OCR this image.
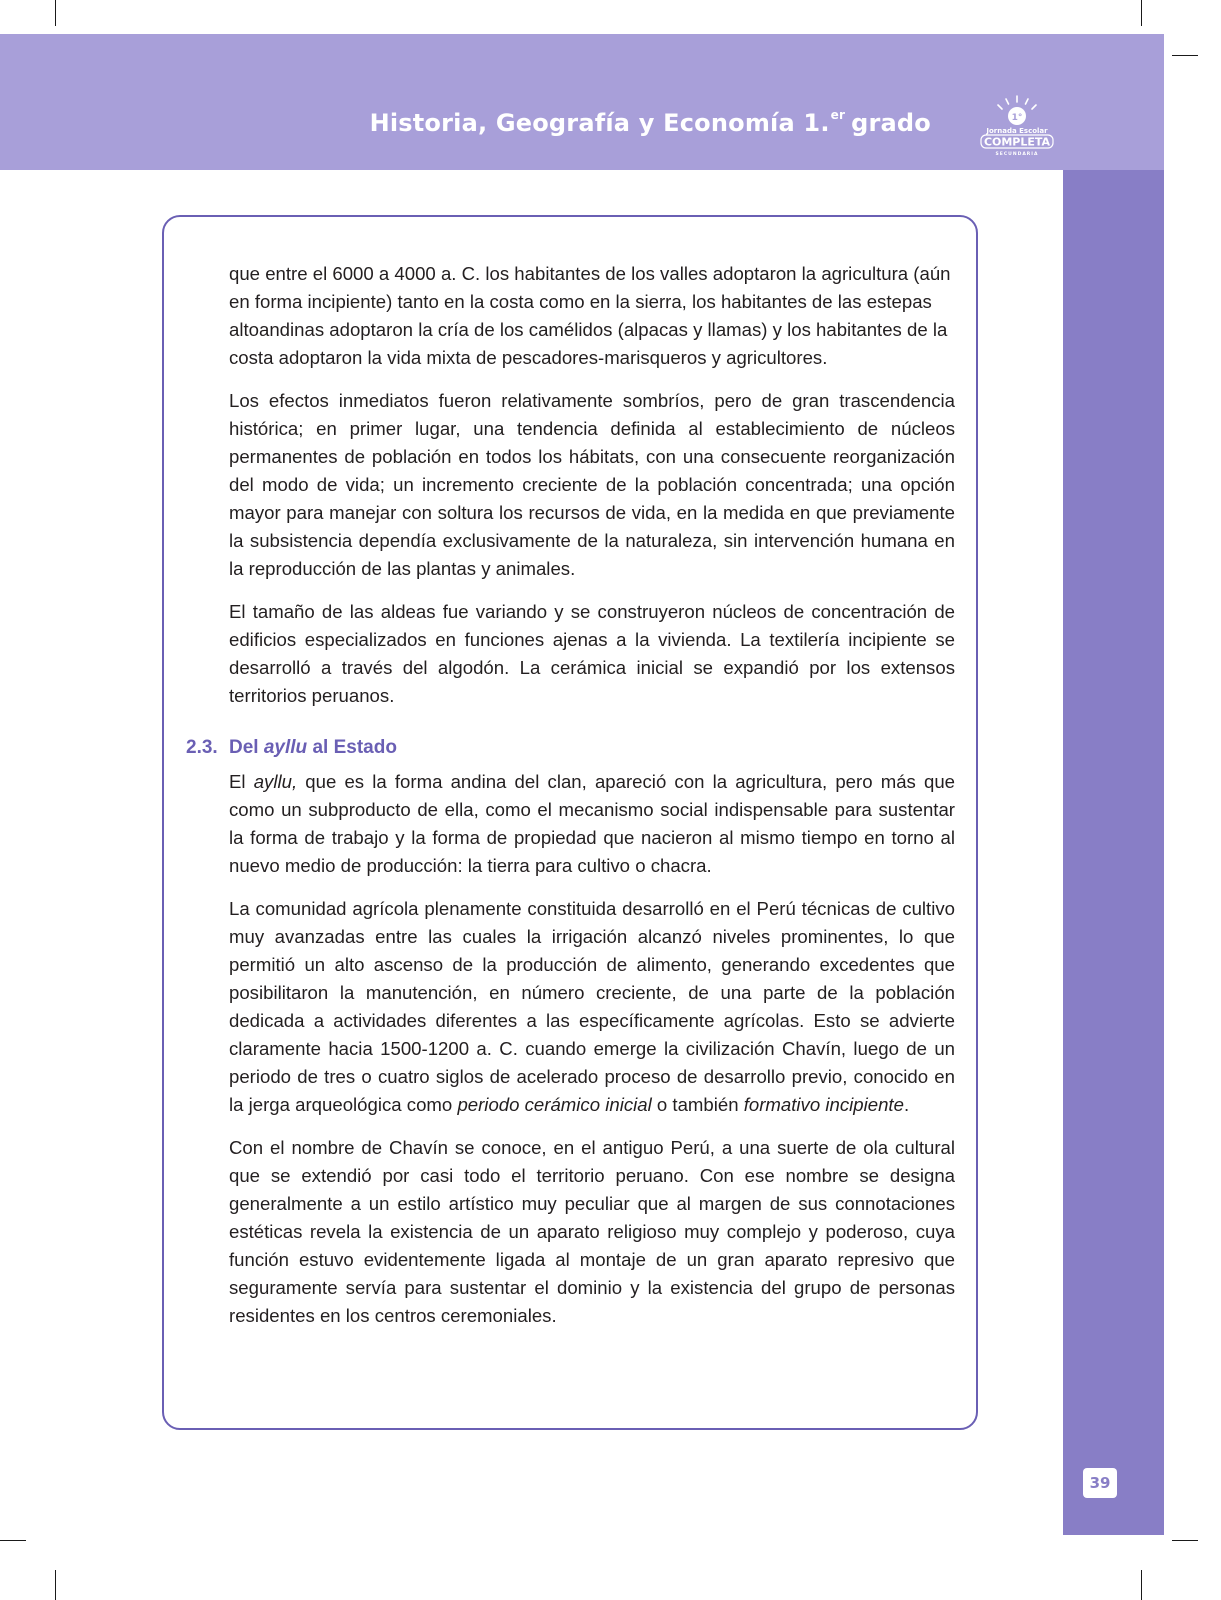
Historia, Geografía y Economía 1.$^{er}$ grado	1°
Jornada Escolar
COMPLETA
SECUNDARIA
39

que entre el 6000 a 4000 a. C. los habitantes de los valles adoptaron la agricultura (aún en forma incipiente) tanto en la costa como en la sierra, los habitantes de las estepas altoandinas adoptaron la cría de los camélidos (alpacas y llamas) y los habitantes de la costa adoptaron la vida mixta de pescadores-marisqueros y agricultores.

Los efectos inmediatos fueron relativamente sombríos, pero de gran trascendencia histórica; en primer lugar, una tendencia definida al establecimiento de núcleos permanentes de población en todos los hábitats, con una consecuente reorganización del modo de vida; un incremento creciente de la población concentrada; una opción mayor para manejar con soltura los recursos de vida, en la medida en que previamente la subsistencia dependía exclusivamente de la naturaleza, sin intervención humana en la reproducción de las plantas y animales.

El tamaño de las aldeas fue variando y se construyeron núcleos de concentración de edificios especializados en funciones ajenas a la vivienda. La textilería incipiente se desarrolló a través del algodón. La cerámica inicial se expandió por los extensos territorios peruanos.

2.3. Del ayllu al Estado

El ayllu, que es la forma andina del clan, apareció con la agricultura, pero más que como un subproducto de ella, como el mecanismo social indispensable para sustentar la forma de trabajo y la forma de propiedad que nacieron al mismo tiempo en torno al nuevo medio de producción: la tierra para cultivo o chacra.

La comunidad agrícola plenamente constituida desarrolló en el Perú técnicas de cultivo muy avanzadas entre las cuales la irrigación alcanzó niveles prominentes, lo que permitió un alto ascenso de la producción de alimento, generando excedentes que posibilitaron la manutención, en número creciente, de una parte de la población dedicada a actividades diferentes a las específicamente agrícolas. Esto se advierte claramente hacia 1500-1200 a. C. cuando emerge la civilización Chavín, luego de un periodo de tres o cuatro siglos de acelerado proceso de desarrollo previo, conocido en la jerga arqueológica como periodo cerámico inicial o también formativo incipiente.

Con el nombre de Chavín se conoce, en el antiguo Perú, a una suerte de ola cultural que se extendió por casi todo el territorio peruano. Con ese nombre se designa generalmente a un estilo artístico muy peculiar que al margen de sus connotaciones estéticas revela la existencia de un aparato religioso muy complejo y poderoso, cuya función estuvo evidentemente ligada al montaje de un gran aparato represivo que seguramente servía para sustentar el dominio y la existencia del grupo de personas residentes en los centros ceremoniales.
